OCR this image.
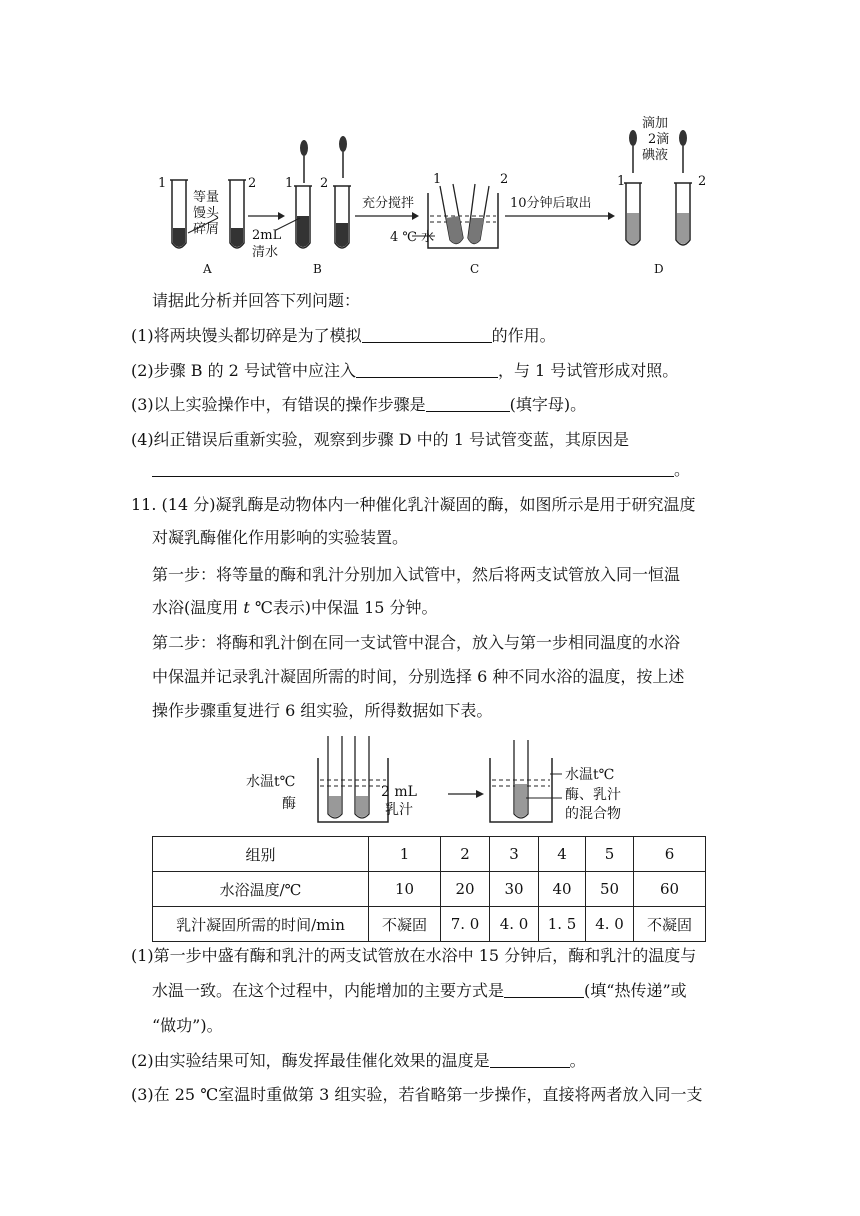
1	2
等量
馒头
碎屑	2mL
清水
1 2
充分搅拌
1	2
4 ℃ 水
10分钟后取出
滴加
2滴
碘液
1	2
A	B	C	D
请据此分析并回答下列问题：
(1)将两块馒头都切碎是为了模拟	的作用。
(2)步骤 B 的 2 号试管中应注入	，与 1 号试管形成对照。
(3)以上实验操作中，有错误的操作步骤是	(填字母)。
(4)纠正错误后重新实验，观察到步骤 D 中的 1 号试管变蓝，其原因是
。
11. (14 分)凝乳酶是动物体内一种催化乳汁凝固的酶，如图所示是用于研究温度
对凝乳酶催化作用影响的实验装置。
第一步：将等量的酶和乳汁分别加入试管中，然后将两支试管放入同一恒温
水浴(温度用 t ℃表示)中保温 15 分钟。
第二步：将酶和乳汁倒在同一支试管中混合，放入与第一步相同温度的水浴
中保温并记录乳汁凝固所需的时间，分别选择 6 种不同水浴的温度，按上述
操作步骤重复进行 6 组实验，所得数据如下表。
水温t℃
酶
2 mL
乳汁
水温t℃
酶、乳汁
的混合物
组别	1	2	3	4	5	6
水浴温度/℃	10	20	30	40	50	60
乳汁凝固所需的时间/min	不凝固	7. 0	4. 0	1. 5	4. 0	不凝固
(1)第一步中盛有酶和乳汁的两支试管放在水浴中 15 分钟后，酶和乳汁的温度与
水温一致。在这个过程中，内能增加的主要方式是	(填“热传递”或
“做功”)。
(2)由实验结果可知，酶发挥最佳催化效果的温度是	。
(3)在 25 ℃室温时重做第 3 组实验，若省略第一步操作，直接将两者放入同一支
